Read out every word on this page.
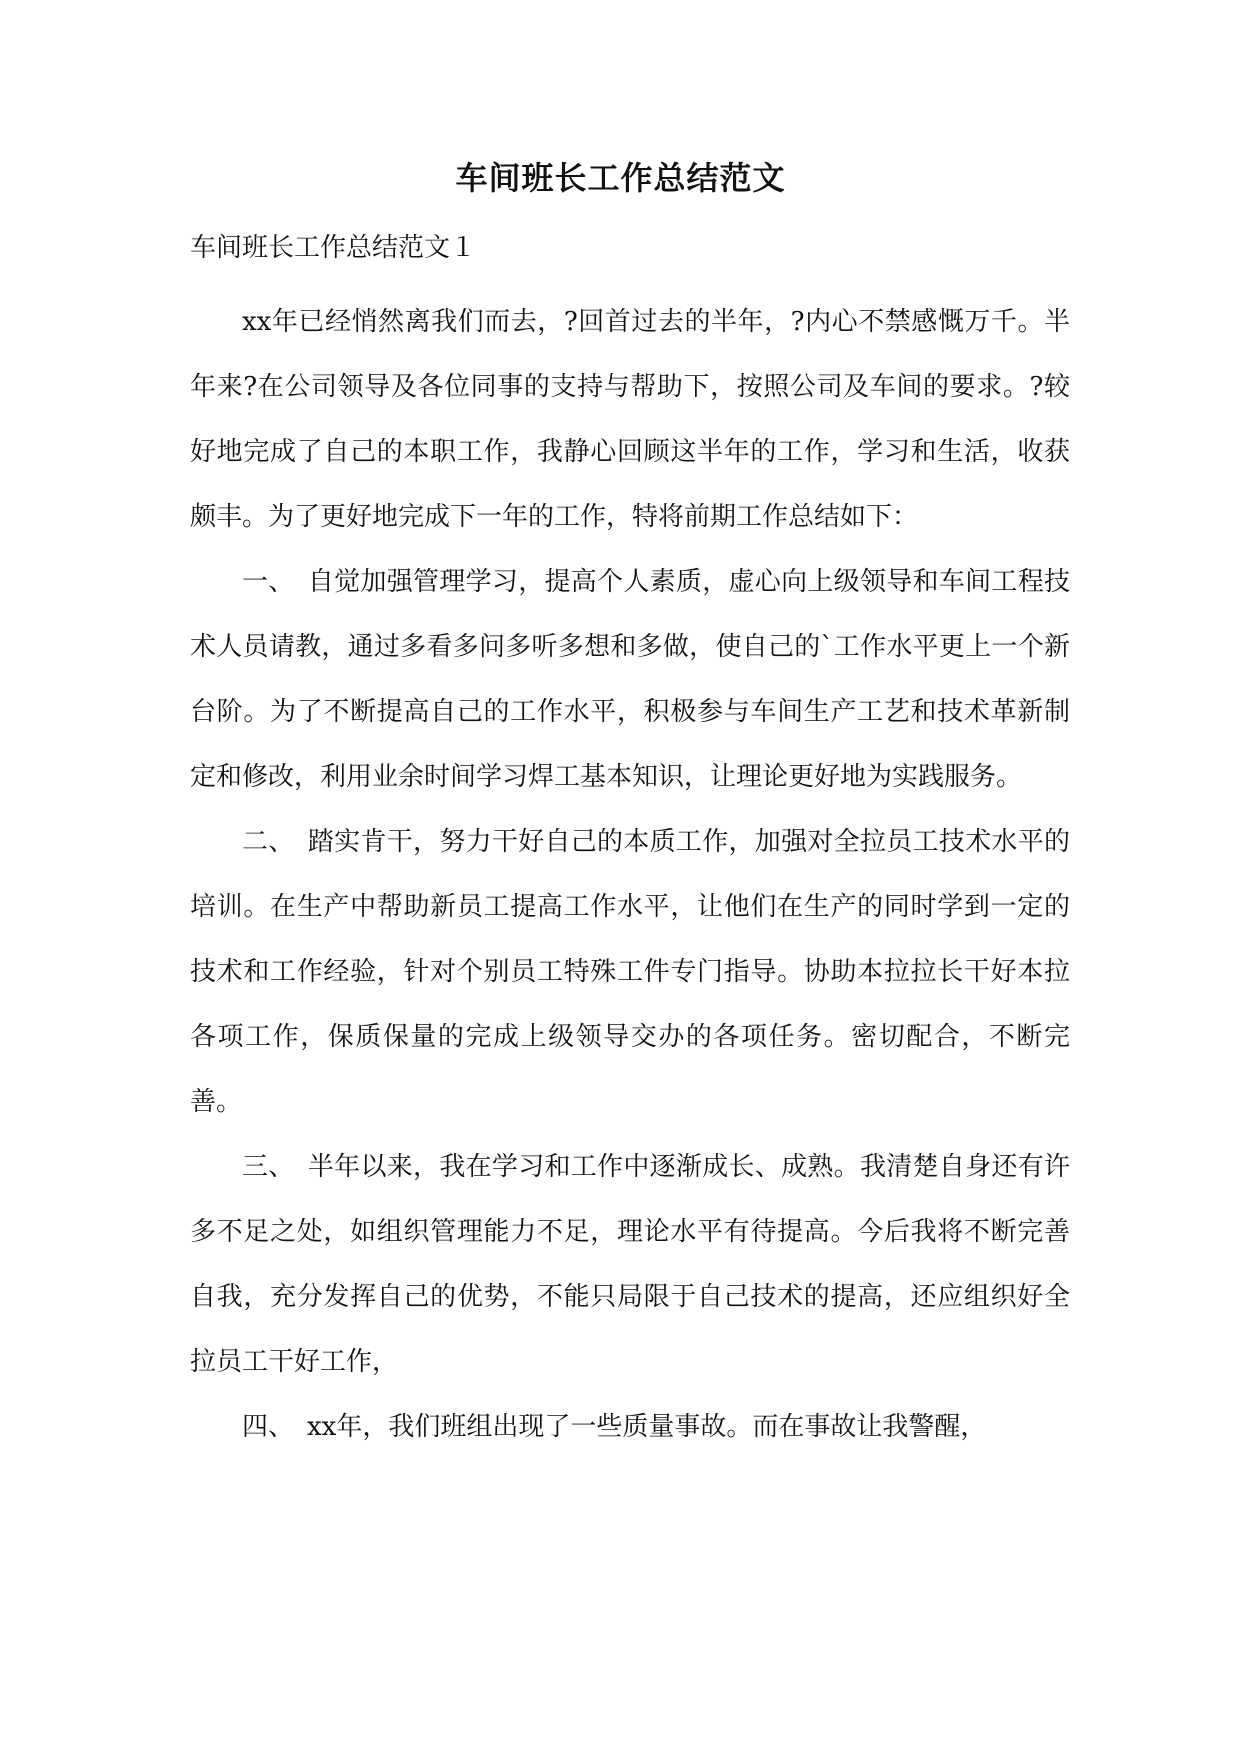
车间班长工作总结范文
车间班长工作总结范文１

xx年已经悄然离我们而去，?回首过去的半年，?内心不禁感慨万千。半年来?在公司领导及各位同事的支持与帮助下，按照公司及车间的要求。?较好地完成了自己的本职工作，我静心回顾这半年的工作，学习和生活，收获颇丰。为了更好地完成下一年的工作，特将前期工作总结如下：

一、　自觉加强管理学习，提高个人素质，虚心向上级领导和车间工程技术人员请教，通过多看多问多听多想和多做，使自己的`工作水平更上一个新台阶。为了不断提高自己的工作水平，积极参与车间生产工艺和技术革新制定和修改，利用业余时间学习焊工基本知识，让理论更好地为实践服务。

二、　踏实肯干，努力干好自己的本质工作，加强对全拉员工技术水平的培训。在生产中帮助新员工提高工作水平，让他们在生产的同时学到一定的技术和工作经验，针对个别员工特殊工件专门指导。协助本拉拉长干好本拉各项工作，保质保量的完成上级领导交办的各项任务。密切配合，不断完善。

三、　半年以来，我在学习和工作中逐渐成长、成熟。我清楚自身还有许多不足之处，如组织管理能力不足，理论水平有待提高。今后我将不断完善自我，充分发挥自己的优势，不能只局限于自己技术的提高，还应组织好全拉员工干好工作，

四、　xx年，我们班组出现了一些质量事故。而在事故让我警醒，
